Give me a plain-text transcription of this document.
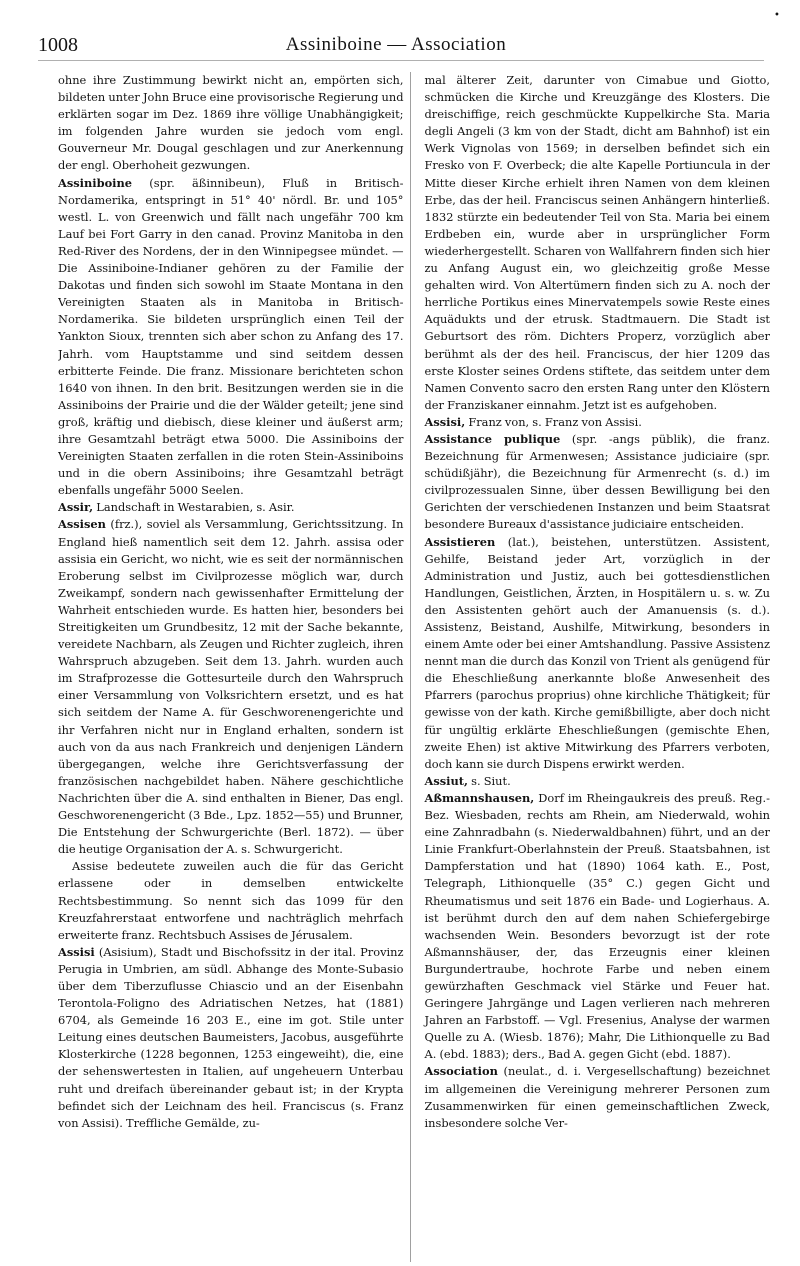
•
1008	Assiniboine — Association

ohne ihre Zustimmung bewirkt nicht an, empörten sich, bildeten unter John Bruce eine provisorische Regierung und erklärten sogar im Dez. 1869 ihre völlige Unabhängigkeit; im folgenden Jahre wurden sie jedoch vom engl. Gouverneur Mr. Dougal geschlagen und zur Anerkennung der engl. Oberhoheit gezwungen.

Assiniboine (spr. äßinnibeun), Fluß in Britisch-Nordamerika, entspringt in 51° 40' nördl. Br. und 105° westl. L. von Greenwich und fällt nach ungefähr 700 km Lauf bei Fort Garry in den canad. Provinz Manitoba in den Red-River des Nordens, der in den Winnipegsee mündet. — Die Assiniboine-Indianer gehören zu der Familie der Dakotas und finden sich sowohl im Staate Montana in den Vereinigten Staaten als in Manitoba in Britisch-Nordamerika. Sie bildeten ursprünglich einen Teil der Yankton Sioux, trennten sich aber schon zu Anfang des 17. Jahrh. vom Hauptstamme und sind seitdem dessen erbitterte Feinde. Die franz. Missionare berichteten schon 1640 von ihnen. In den brit. Besitzungen werden sie in die Assiniboins der Prairie und die der Wälder geteilt; jene sind groß, kräftig und diebisch, diese kleiner und äußerst arm; ihre Gesamtzahl beträgt etwa 5000. Die Assiniboins der Vereinigten Staaten zerfallen in die roten Stein-Assiniboins und in die obern Assiniboins; ihre Gesamtzahl beträgt ebenfalls ungefähr 5000 Seelen.

Assir, Landschaft in Westarabien, s. Asir.

Assisen (frz.), soviel als Versammlung, Gerichtssitzung. In England hieß namentlich seit dem 12. Jahrh. assisa oder assisia ein Gericht, wo nicht, wie es seit der normännischen Eroberung selbst im Civilprozesse möglich war, durch Zweikampf, sondern nach gewissenhafter Ermittelung der Wahrheit entschieden wurde. Es hatten hier, besonders bei Streitigkeiten um Grundbesitz, 12 mit der Sache bekannte, vereidete Nachbarn, als Zeugen und Richter zugleich, ihren Wahrspruch abzugeben. Seit dem 13. Jahrh. wurden auch im Strafprozesse die Gottesurteile durch den Wahrspruch einer Versammlung von Volksrichtern ersetzt, und es hat sich seitdem der Name A. für Geschworenengerichte und ihr Verfahren nicht nur in England erhalten, sondern ist auch von da aus nach Frankreich und denjenigen Ländern übergegangen, welche ihre Gerichtsverfassung der französischen nachgebildet haben. Nähere geschichtliche Nachrichten über die A. sind enthalten in Biener, Das engl. Geschworenengericht (3 Bde., Lpz. 1852—55) und Brunner, Die Entstehung der Schwurgerichte (Berl. 1872). — über die heutige Organisation der A. s. Schwurgericht.

Assise bedeutete zuweilen auch die für das Gericht erlassene oder in demselben entwickelte Rechtsbestimmung. So nennt sich das 1099 für den Kreuzfahrerstaat entworfene und nachträglich mehrfach erweiterte franz. Rechtsbuch Assises de Jérusalem.

Assisi (Asisium), Stadt und Bischofssitz in der ital. Provinz Perugia in Umbrien, am südl. Abhange des Monte-Subasio über dem Tiberzuflusse Chiascio und an der Eisenbahn Terontola-Foligno des Adriatischen Netzes, hat (1881) 6704, als Gemeinde 16 203 E., eine im got. Stile unter Leitung eines deutschen Baumeisters, Jacobus, ausgeführte Klosterkirche (1228 begonnen, 1253 eingeweiht), die, eine der sehenswertesten in Italien, auf ungeheuern Unterbau ruht und dreifach übereinander gebaut ist; in der Krypta befindet sich der Leichnam des heil. Franciscus (s. Franz von Assisi). Treffliche Gemälde, zu-

mal älterer Zeit, darunter von Cimabue und Giotto, schmücken die Kirche und Kreuzgänge des Klosters. Die dreischiffige, reich geschmückte Kuppelkirche Sta. Maria degli Angeli (3 km von der Stadt, dicht am Bahnhof) ist ein Werk Vignolas von 1569; in derselben befindet sich ein Fresko von F. Overbeck; die alte Kapelle Portiuncula in der Mitte dieser Kirche erhielt ihren Namen von dem kleinen Erbe, das der heil. Franciscus seinen Anhängern hinterließ. 1832 stürzte ein bedeutender Teil von Sta. Maria bei einem Erdbeben ein, wurde aber in ursprünglicher Form wiederhergestellt. Scharen von Wallfahrern finden sich hier zu Anfang August ein, wo gleichzeitig große Messe gehalten wird. Von Altertümern finden sich zu A. noch der herrliche Portikus eines Minervatempels sowie Reste eines Aquädukts und der etrusk. Stadtmauern. Die Stadt ist Geburtsort des röm. Dichters Properz, vorzüglich aber berühmt als der des heil. Franciscus, der hier 1209 das erste Kloster seines Ordens stiftete, das seitdem unter dem Namen Convento sacro den ersten Rang unter den Klöstern der Franziskaner einnahm. Jetzt ist es aufgehoben.

Assisi, Franz von, s. Franz von Assisi.

Assistance publique (spr. -angs püblik), die franz. Bezeichnung für Armenwesen; Assistance judiciaire (spr. schüdißjähr), die Bezeichnung für Armenrecht (s. d.) im civilprozessualen Sinne, über dessen Bewilligung bei den Gerichten der verschiedenen Instanzen und beim Staatsrat besondere Bureaux d'assistance judiciaire entscheiden.

Assistieren (lat.), beistehen, unterstützen. Assistent, Gehilfe, Beistand jeder Art, vorzüglich in der Administration und Justiz, auch bei gottesdienstlichen Handlungen, Geistlichen, Ärzten, in Hospitälern u. s. w. Zu den Assistenten gehört auch der Amanuensis (s. d.). Assistenz, Beistand, Aushilfe, Mitwirkung, besonders in einem Amte oder bei einer Amtshandlung. Passive Assistenz nennt man die durch das Konzil von Trient als genügend für die Eheschließung anerkannte bloße Anwesenheit des Pfarrers (parochus proprius) ohne kirchliche Thätigkeit; für gewisse von der kath. Kirche gemißbilligte, aber doch nicht für ungültig erklärte Eheschließungen (gemischte Ehen, zweite Ehen) ist aktive Mitwirkung des Pfarrers verboten, doch kann sie durch Dispens erwirkt werden.

Assiut, s. Siut.

Aßmannshausen, Dorf im Rheingaukreis des preuß. Reg.-Bez. Wiesbaden, rechts am Rhein, am Niederwald, wohin eine Zahnradbahn (s. Niederwaldbahnen) führt, und an der Linie Frankfurt-Oberlahnstein der Preuß. Staatsbahnen, ist Dampferstation und hat (1890) 1064 kath. E., Post, Telegraph, Lithionquelle (35° C.) gegen Gicht und Rheumatismus und seit 1876 ein Bade- und Logierhaus. A. ist berühmt durch den auf dem nahen Schiefergebirge wachsenden Wein. Besonders bevorzugt ist der rote Aßmannshäuser, der, das Erzeugnis einer kleinen Burgundertraube, hochrote Farbe und neben einem gewürzhaften Geschmack viel Stärke und Feuer hat. Geringere Jahrgänge und Lagen verlieren nach mehreren Jahren an Farbstoff. — Vgl. Fresenius, Analyse der warmen Quelle zu A. (Wiesb. 1876); Mahr, Die Lithionquelle zu Bad A. (ebd. 1883); ders., Bad A. gegen Gicht (ebd. 1887).

Association (neulat., d. i. Vergesellschaftung) bezeichnet im allgemeinen die Vereinigung mehrerer Personen zum Zusammenwirken für einen gemeinschaftlichen Zweck, insbesondere solche Ver-
